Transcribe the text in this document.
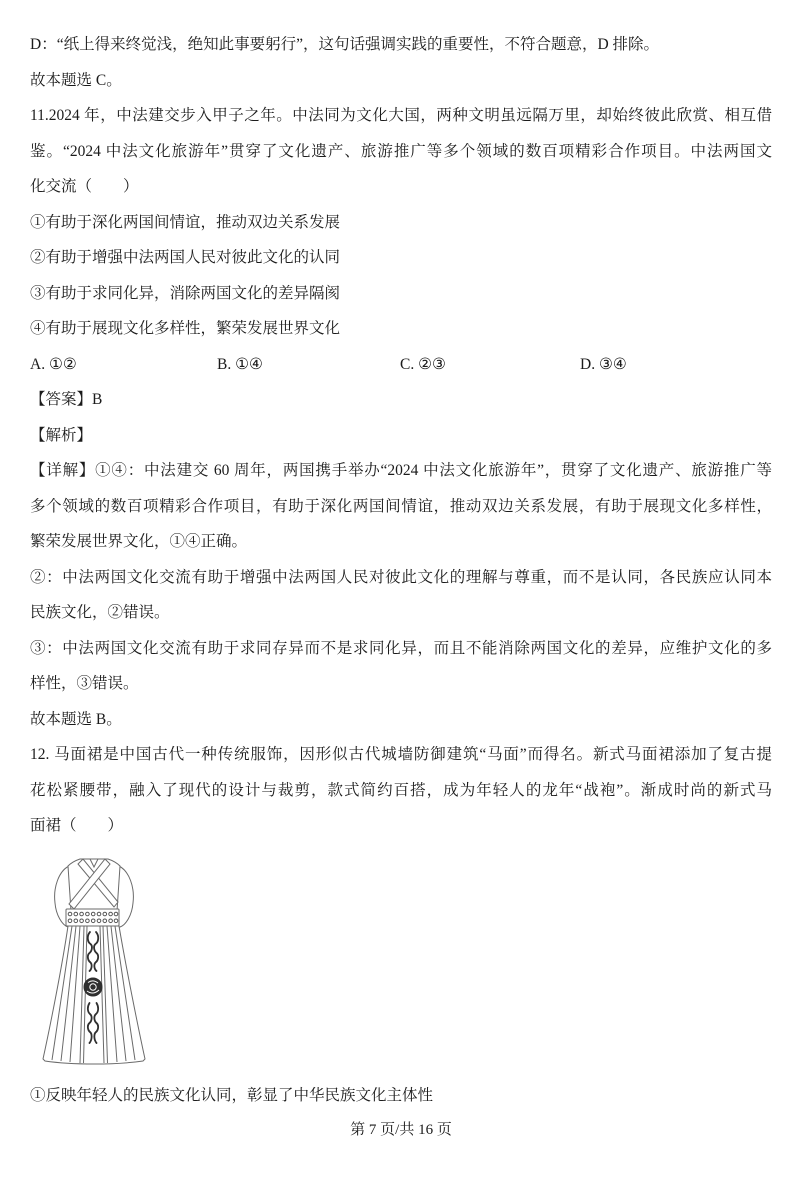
D：“纸上得来终觉浅，绝知此事要躬行”，这句话强调实践的重要性，不符合题意，D 排除。
故本题选 C。
11.2024 年，中法建交步入甲子之年。中法同为文化大国，两种文明虽远隔万里，却始终彼此欣赏、相互借
鉴。“2024 中法文化旅游年”贯穿了文化遗产、旅游推广等多个领域的数百项精彩合作项目。中法两国文
化交流（　　）
①有助于深化两国间情谊，推动双边关系发展
②有助于增强中法两国人民对彼此文化的认同
③有助于求同化异，消除两国文化的差异隔阂
④有助于展现文化多样性，繁荣发展世界文化
A. ①②	B. ①④	C. ②③	D. ③④
【答案】B
【解析】
【详解】①④：中法建交 60 周年，两国携手举办“2024 中法文化旅游年”，贯穿了文化遗产、旅游推广等
多个领域的数百项精彩合作项目，有助于深化两国间情谊，推动双边关系发展，有助于展现文化多样性，
繁荣发展世界文化，①④正确。
②：中法两国文化交流有助于增强中法两国人民对彼此文化的理解与尊重，而不是认同，各民族应认同本
民族文化，②错误。
③：中法两国文化交流有助于求同存异而不是求同化异，而且不能消除两国文化的差异，应维护文化的多
样性，③错误。
故本题选 B。
12. 马面裙是中国古代一种传统服饰，因形似古代城墙防御建筑“马面”而得名。新式马面裙添加了复古提
花松紧腰带，融入了现代的设计与裁剪，款式简约百搭，成为年轻人的龙年“战袍”。渐成时尚的新式马
面裙（　　）
①反映年轻人的民族文化认同，彰显了中华民族文化主体性
第 7 页/共 16 页
